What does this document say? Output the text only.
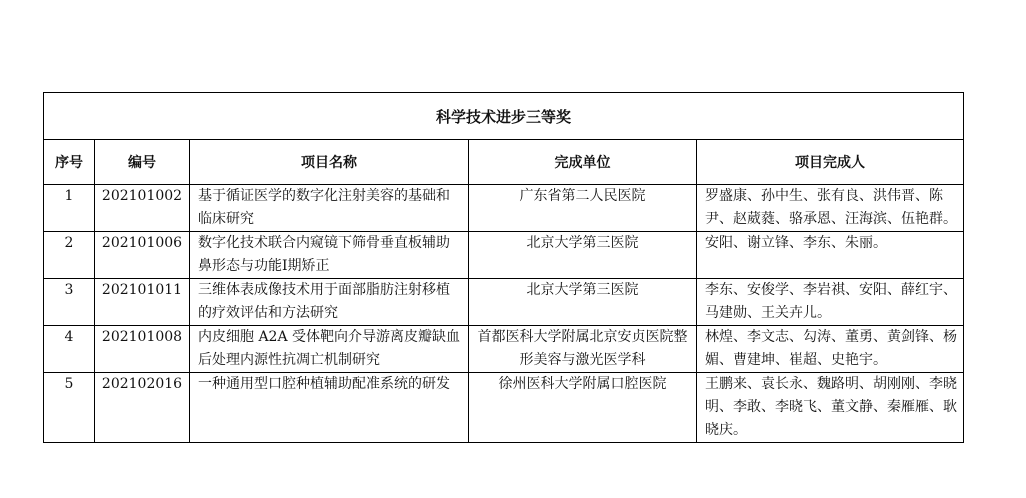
科学技术进步三等奖				
序号	编号	项目名称	完成单位	项目完成人
1	202101002	基于循证医学的数字化注射美容的基础和临床研究	广东省第二人民医院	罗盛康、孙中生、张有良、洪伟晋、陈尹、赵葳蕤、骆承恩、汪海滨、伍艳群。
2	202101006	数字化技术联合内窥镜下筛骨垂直板辅助鼻形态与功能Ⅰ期矫正	北京大学第三医院	安阳、谢立锋、李东、朱丽。
3	202101011	三维体表成像技术用于面部脂肪注射移植的疗效评估和方法研究	北京大学第三医院	李东、安俊学、李岩祺、安阳、薛红宇、马建勋、王关卉儿。
4	202101008	内皮细胞 A2A 受体靶向介导游离皮瓣缺血后处理内源性抗凋亡机制研究	首都医科大学附属北京安贞医院整形美容与激光医学科	林煌、李文志、勾涛、董勇、黄剑锋、杨媚、曹建坤、崔超、史艳宇。
5	202102016	一种通用型口腔种植辅助配准系统的研发	徐州医科大学附属口腔医院	王鹏来、袁长永、魏路明、胡刚刚、李晓明、李敢、李晓飞、董文静、秦雁雁、耿晓庆。
